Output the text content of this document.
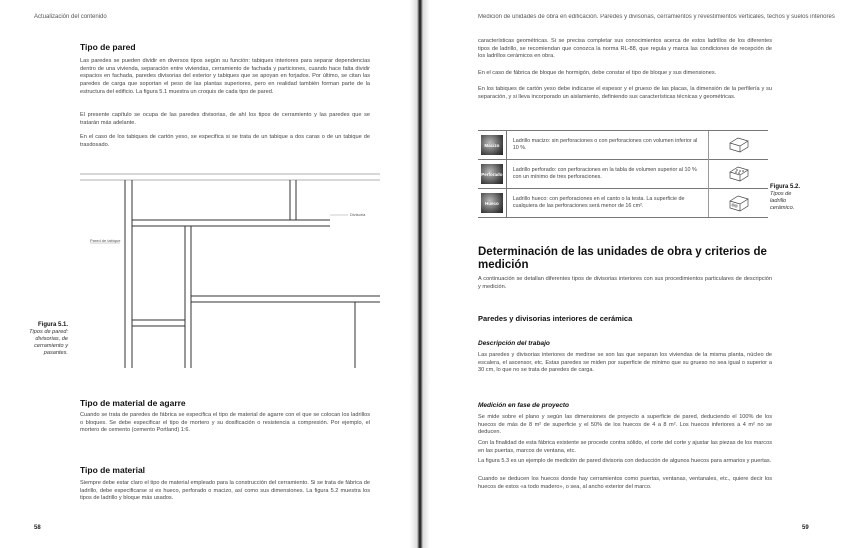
Actualización del contenido
Tipo de pared

Las paredes se pueden dividir en diversos tipos según su función: tabiques interiores para separar dependencias dentro de una vivienda, separación entre viviendas, cerramiento de fachada y particiones, cuando hace falta dividir espacios en fachada, paredes divisorias del exterior y tabiques que se apoyan en forjados. Por último, se citan las paredes de carga que soportan el peso de las plantas superiores, pero en realidad también forman parte de la estructura del edificio. La figura 5.1 muestra un croquis de cada tipo de pared.

El presente capítulo se ocupa de las paredes divisorias, de ahí los tipos de cerramiento y las paredes que se tratarán más adelante.

En el caso de los tabiques de cartón yeso, se especifica si se trata de un tabique a dos caras o de un tabique de trasdosado.

Pared de tabique
Divisoria
Figura 5.1.
Tipos de pared: divisorias, de cerramiento y pasantes.
Tipo de material de agarre

Cuando se trata de paredes de fábrica se especifica el tipo de material de agarre con el que se colocan los ladrillos o bloques. Se debe especificar el tipo de mortero y su dosificación o resistencia a compresión. Por ejemplo, el mortero de cemento (cemento Portland) 1:6.

Tipo de material

Siempre debe estar claro el tipo de material empleado para la construcción del cerramiento. Si se trata de fábrica de ladrillo, debe especificarse si es hueco, perforado o macizo, así como sus dimensiones. La figura 5.2 muestra los tipos de ladrillo y bloque más usados.

58
Medición de unidades de obra en edificación. Paredes y divisorias, cerramientos y revestimientos verticales, techos y suelos interiores

características geométricas. Si se precisa completar sus conocimientos acerca de estos ladrillos de los diferentes tipos de ladrillo, se recomiendan que conozca la norma RL-88, que regula y marca las condiciones de recepción de los ladrillos cerámicos en obra.

En el caso de fábrica de bloque de hormigón, debe constar el tipo de bloque y sus dimensiones.

En los tabiques de cartón yeso debe indicarse el espesor y el grueso de las placas, la dimensión de la perfilería y su separación, y si lleva incorporado un aislamiento, definiendo sus características técnicas y geométricas.

Macizo	Ladrillo macizo: sin perforaciones o con perforaciones con volumen inferior al 10 %.	

Perforado	Ladrillo perforado: con perforaciones en la tabla de volumen superior al 10 % con un mínimo de tres perforaciones.	

Hueco	Ladrillo hueco: con perforaciones en el canto o la testa. La superficie de cualquiera de las perforaciones será menor de 16 cm².	
Figura 5.2.
Tipos de ladrillo cerámico.
Determinación de las unidades de obra y criterios de medición

A continuación se detallan diferentes tipos de divisorias interiores con sus procedimientos particulares de descripción y medición.

Paredes y divisorias interiores de cerámica
Descripción del trabajo

Las paredes y divisorias interiores de medirse se son las que separan los viviendas de la misma planta, núcleo de escalera, el ascensor, etc. Estas paredes se miden por superficie de minimo que su grueso no sea igual o superior a 30 cm, lo que no se trata de paredes de carga.

Medición en fase de proyecto

Se mide sobre el plano y según las dimensiones de proyecto a superficie de pared, deduciendo el 100% de los huecos de más de 8 m² de superficie y el 50% de los huecos de 4 a 8 m². Los huecos inferiores a 4 m² no se deducen.

Con la finalidad de esta fábrica existente se procede contra sólido, el corte del corte y ajustar las piezas de los marcos en las puertas, marcos de ventana, etc.

La figura 5.3 es un ejemplo de medición de pared divisoria con deducción de algunos huecos para armarios y puertas.

Cuando se deducen los huecos donde hay cerramientos como puertas, ventanas, ventanales, etc., quiere decir los huecos de estos «a todo madero», o sea, al ancho exterior del marco.

59
